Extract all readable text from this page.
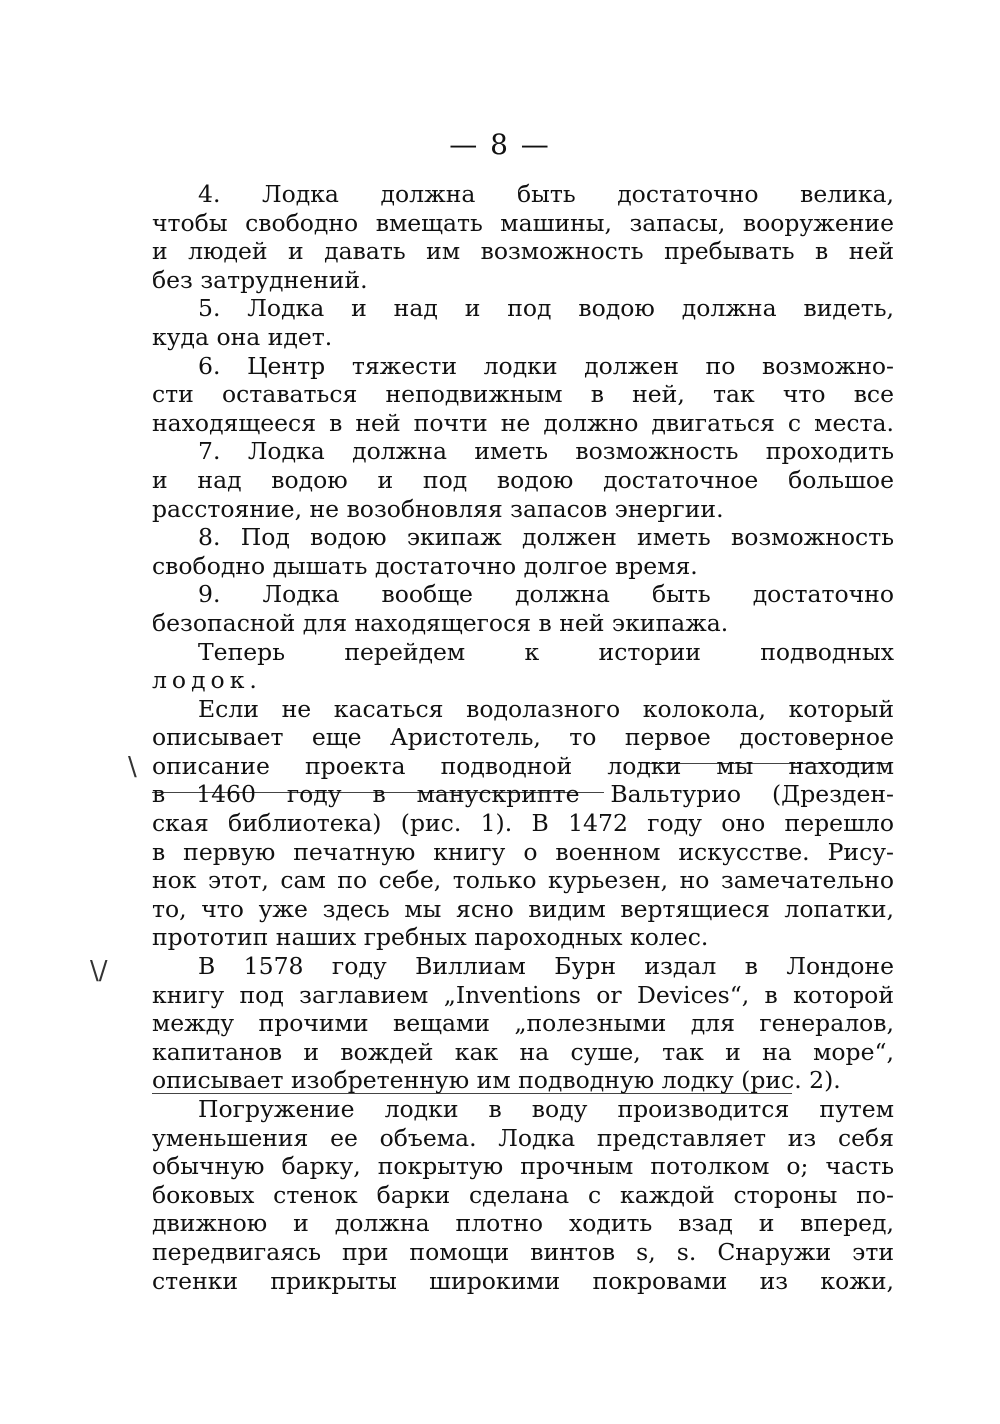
— 8 —
\
\/
4. Лодка должна быть достаточно велика,
чтобы свободно вмещать машины, запасы, вооружение
и людей и давать им возможность пребывать в ней
без затруднений.
5. Лодка и над и под водою должна видеть,
куда она идет.
6. Центр тяжести лодки должен по возможно-
сти оставаться неподвижным в ней, так что все
находящееся в ней почти не должно двигаться с места.
7. Лодка должна иметь возможность проходить
и над водою и под водою достаточное большое
расстояние, не возобновляя запасов энергии.
8. Под водою экипаж должен иметь возможность
свободно дышать достаточно долгое время.
9. Лодка вообще должна быть достаточно
безопасной для находящегося в ней экипажа.
Теперь перейдем к истории подводных
лодок.
Если не касаться водолазного колокола, который
описывает еще Аристотель, то первое достоверное
описание проекта подводной лодки мы находим
в 1460 году в манускрипте Вальтурио (Дрезден-
ская библиотека) (рис. 1). В 1472 году оно перешло
в первую печатную книгу о военном искусстве. Рису-
нок этот, сам по себе, только курьезен, но замечательно
то, что уже здесь мы ясно видим вертящиеся лопатки,
прототип наших гребных пароходных колес.
В 1578 году Виллиам Бурн издал в Лондоне
книгу под заглавием „Inventions or Devices“, в которой
между прочими вещами „полезными для генералов,
капитанов и вождей как на суше, так и на море“,
описывает изобретенную им подводную лодку (рис. 2).
Погружение лодки в воду производится путем
уменьшения ее объема. Лодка представляет из себя
обычную барку, покрытую прочным потолком о; часть
боковых стенок барки сделана с каждой стороны по-
движною и должна плотно ходить взад и вперед,
передвигаясь при помощи винтов s, s. Снаружи эти
стенки прикрыты широкими покровами из кожи,
